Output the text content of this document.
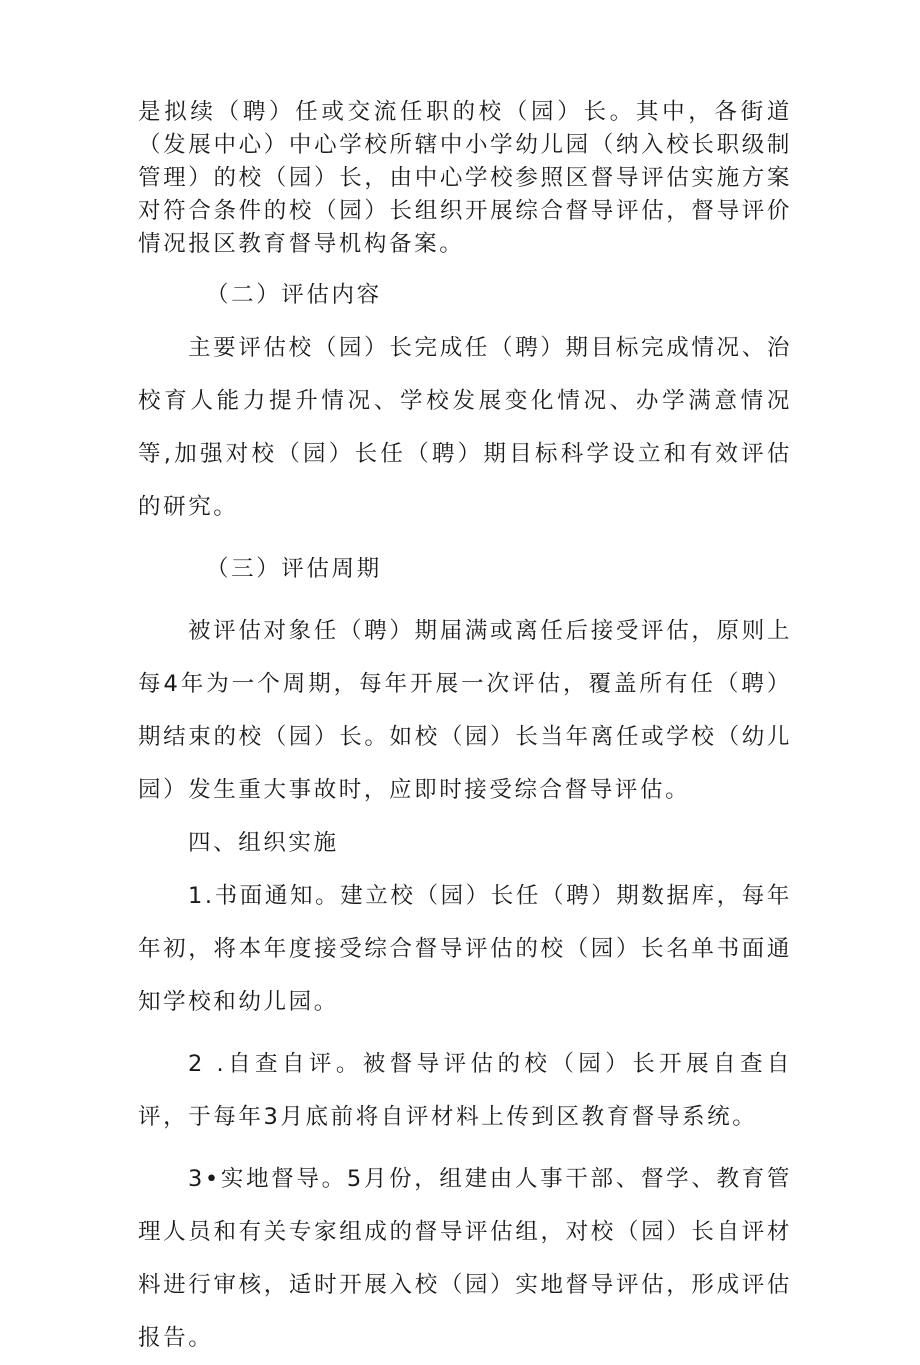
是拟续（聘）任或交流任职的校（园）长。其中，各街道（发展中心）中心学校所辖中小学幼儿园（纳入校长职级制管理）的校（园）长，由中心学校参照区督导评估实施方案对符合条件的校（园）长组织开展综合督导评估，督导评价情况报区教育督导机构备案。

（二）评估内容

主要评估校（园）长完成任（聘）期目标完成情况、治校育人能力提升情况、学校发展变化情况、办学满意情况等,加强对校（园）长任（聘）期目标科学设立和有效评估的研究。

（三）评估周期

被评估对象任（聘）期届满或离任后接受评估，原则上每4年为一个周期，每年开展一次评估，覆盖所有任（聘）期结束的校（园）长。如校（园）长当年离任或学校（幼儿园）发生重大事故时，应即时接受综合督导评估。

四、组织实施

1.书面通知。建立校（园）长任（聘）期数据库，每年年初，将本年度接受综合督导评估的校（园）长名单书面通知学校和幼儿园。

2 .自查自评。被督导评估的校（园）长开展自查自评，于每年3月底前将自评材料上传到区教育督导系统。

3•实地督导。5月份，组建由人事干部、督学、教育管理人员和有关专家组成的督导评估组，对校（园）长自评材料进行审核，适时开展入校（园）实地督导评估，形成评估报告。
